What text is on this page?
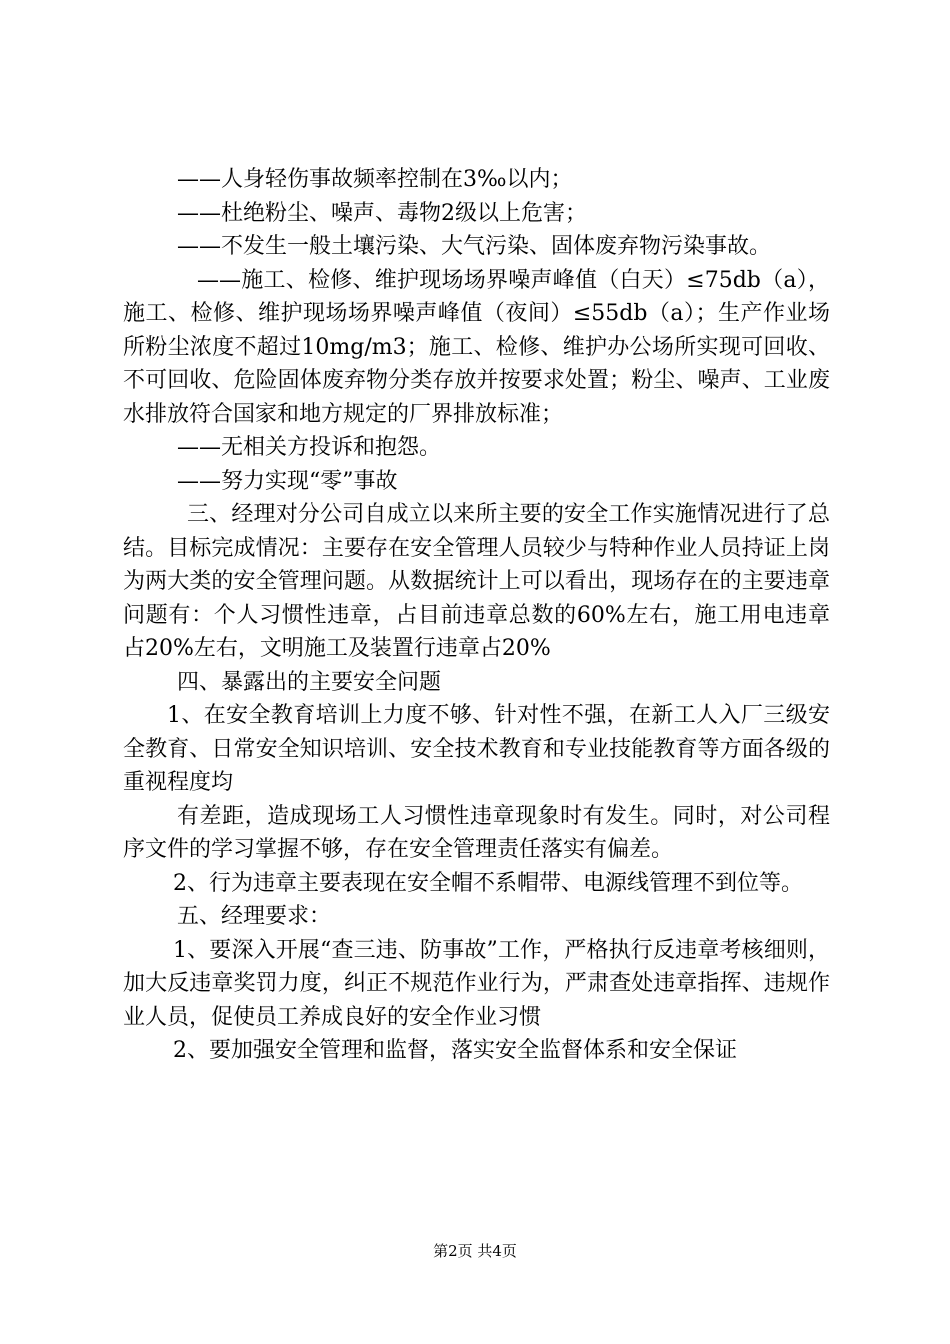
——人身轻伤事故频率控制在3‰以内；

——杜绝粉尘、噪声、毒物2级以上危害；

——不发生一般土壤污染、大气污染、固体废弃物污染事故。

——施工、检修、维护现场场界噪声峰值（白天）≤75db（a），施工、检修、维护现场场界噪声峰值（夜间）≤55db（a）；生产作业场所粉尘浓度不超过10mg/m3；施工、检修、维护办公场所实现可回收、不可回收、危险固体废弃物分类存放并按要求处置；粉尘、噪声、工业废水排放符合国家和地方规定的厂界排放标准；

——无相关方投诉和抱怨。

——努力实现“零”事故

三、经理对分公司自成立以来所主要的安全工作实施情况进行了总结。目标完成情况：主要存在安全管理人员较少与特种作业人员持证上岗为两大类的安全管理问题。从数据统计上可以看出，现场存在的主要违章问题有：个人习惯性违章，占目前违章总数的60%左右，施工用电违章占20%左右，文明施工及装置行违章占20%

四、暴露出的主要安全问题

1、在安全教育培训上力度不够、针对性不强，在新工人入厂三级安全教育、日常安全知识培训、安全技术教育和专业技能教育等方面各级的重视程度均

有差距，造成现场工人习惯性违章现象时有发生。同时，对公司程序文件的学习掌握不够，存在安全管理责任落实有偏差。

2、行为违章主要表现在安全帽不系帽带、电源线管理不到位等。

五、经理要求：

1、要深入开展“查三违、防事故”工作，严格执行反违章考核细则，加大反违章奖罚力度，纠正不规范作业行为，严肃查处违章指挥、违规作业人员，促使员工养成良好的安全作业习惯

2、要加强安全管理和监督，落实安全监督体系和安全保证

第2页 共4页
